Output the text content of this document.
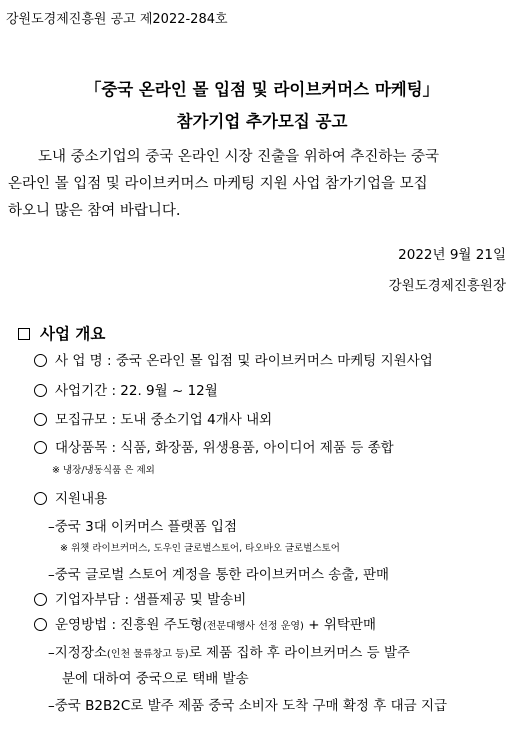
강원도경제진흥원 공고 제2022-284호
「중국 온라인 몰 입점 및 라이브커머스 마케팅」
참가기업 추가모집 공고
도내 중소기업의 중국 온라인 시장 진출을 위하여 추진하는 중국
온라인 몰 입점 및 라이브커머스 마케팅 지원 사업 참가기업을 모집
하오니 많은 참여 바랍니다.
2022년 9월 21일
강원도경제진흥원장
사업 개요
사 업 명 : 중국 온라인 몰 입점 및 라이브커머스 마케팅 지원사업
사업기간 : 22. 9월 ~ 12월
모집규모 : 도내 중소기업 4개사 내외
대상품목 : 식품, 화장품, 위생용품, 아이디어 제품 등 종합
※ 냉장/냉동식품 은 제외
지원내용
–중국 3대 이커머스 플랫폼 입점
※ 위챗 라이브커머스, 도우인 글로벌스토어, 타오바오 글로벌스토어
–중국 글로벌 스토어 계정을 통한 라이브커머스 송출, 판매
기업자부담 : 샘플제공 및 발송비
운영방법 : 진흥원 주도형(전문대행사 선정 운영) + 위탁판매
–지정장소(인천 물류창고 등)로 제품 집하 후 라이브커머스 등 발주
분에 대하여 중국으로 택배 발송
–중국 B2B2C로 발주 제품 중국 소비자 도착 구매 확정 후 대금 지급
